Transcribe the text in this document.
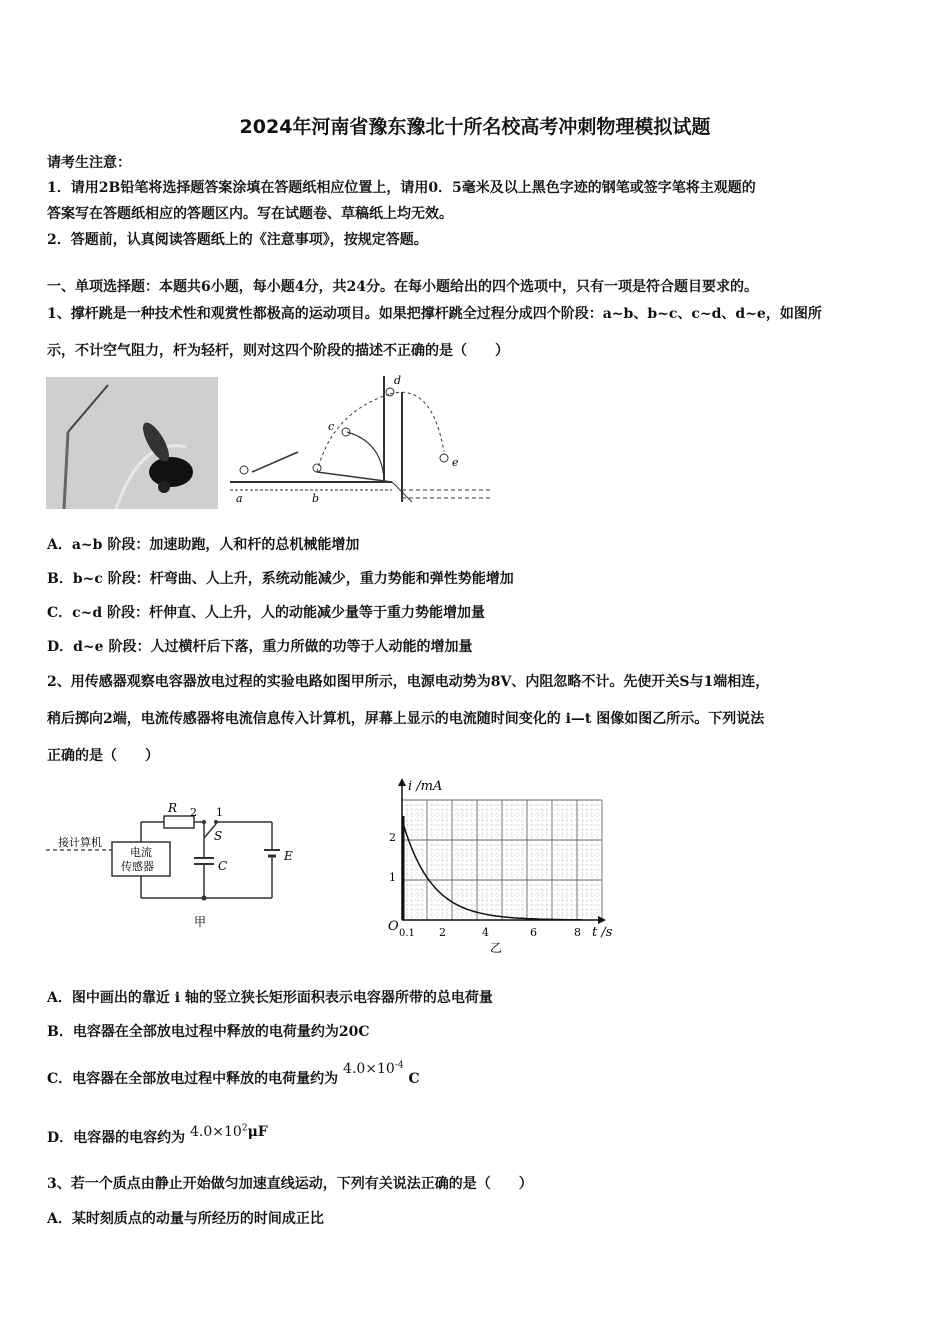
2024年河南省豫东豫北十所名校高考冲刺物理模拟试题
请考生注意：
1．请用2B铅笔将选择题答案涂填在答题纸相应位置上，请用0．5毫米及以上黑色字迹的钢笔或签字笔将主观题的
答案写在答题纸相应的答题区内。写在试题卷、草稿纸上均无效。
2．答题前，认真阅读答题纸上的《注意事项》，按规定答题。
一、单项选择题：本题共6小题，每小题4分，共24分。在每小题给出的四个选项中，只有一项是符合题目要求的。
1、撑杆跳是一种技术性和观赏性都极高的运动项目。如果把撑杆跳全过程分成四个阶段：a~b、b~c、c~d、d~e，如图所
示，不计空气阻力，杆为轻杆，则对这四个阶段的描述不正确的是（　　）
a	b
c
d
e
A．a~b 阶段：加速助跑，人和杆的总机械能增加
B．b~c 阶段：杆弯曲、人上升，系统动能减少，重力势能和弹性势能增加
C．c~d 阶段：杆伸直、人上升，人的动能减少量等于重力势能增加量
D．d~e 阶段：人过横杆后下落，重力所做的功等于人动能的增加量
2、用传感器观察电容器放电过程的实验电路如图甲所示，电源电动势为8V、内阻忽略不计。先使开关S与1端相连，
稍后掷向2端，电流传感器将电流信息传入计算机，屏幕上显示的电流随时间变化的 i—t 图像如图乙所示。下列说法
正确的是（　　）
接计算机
电流
传感器
R 2 1
S
C
E
甲
i /mA
O
2
1
0.1 2	4	6	8 t /s
乙
A．图中画出的靠近 i 轴的竖立狭长矩形面积表示电容器所带的总电荷量
B．电容器在全部放电过程中释放的电荷量约为20C
C．电容器在全部放电过程中释放的电荷量约为 $4.0\times 10^{-4}$ C
D．电容器的电容约为 $4.0\times 10^2\mu F$
3、若一个质点由静止开始做匀加速直线运动，下列有关说法正确的是（　　）
A．某时刻质点的动量与所经历的时间成正比
